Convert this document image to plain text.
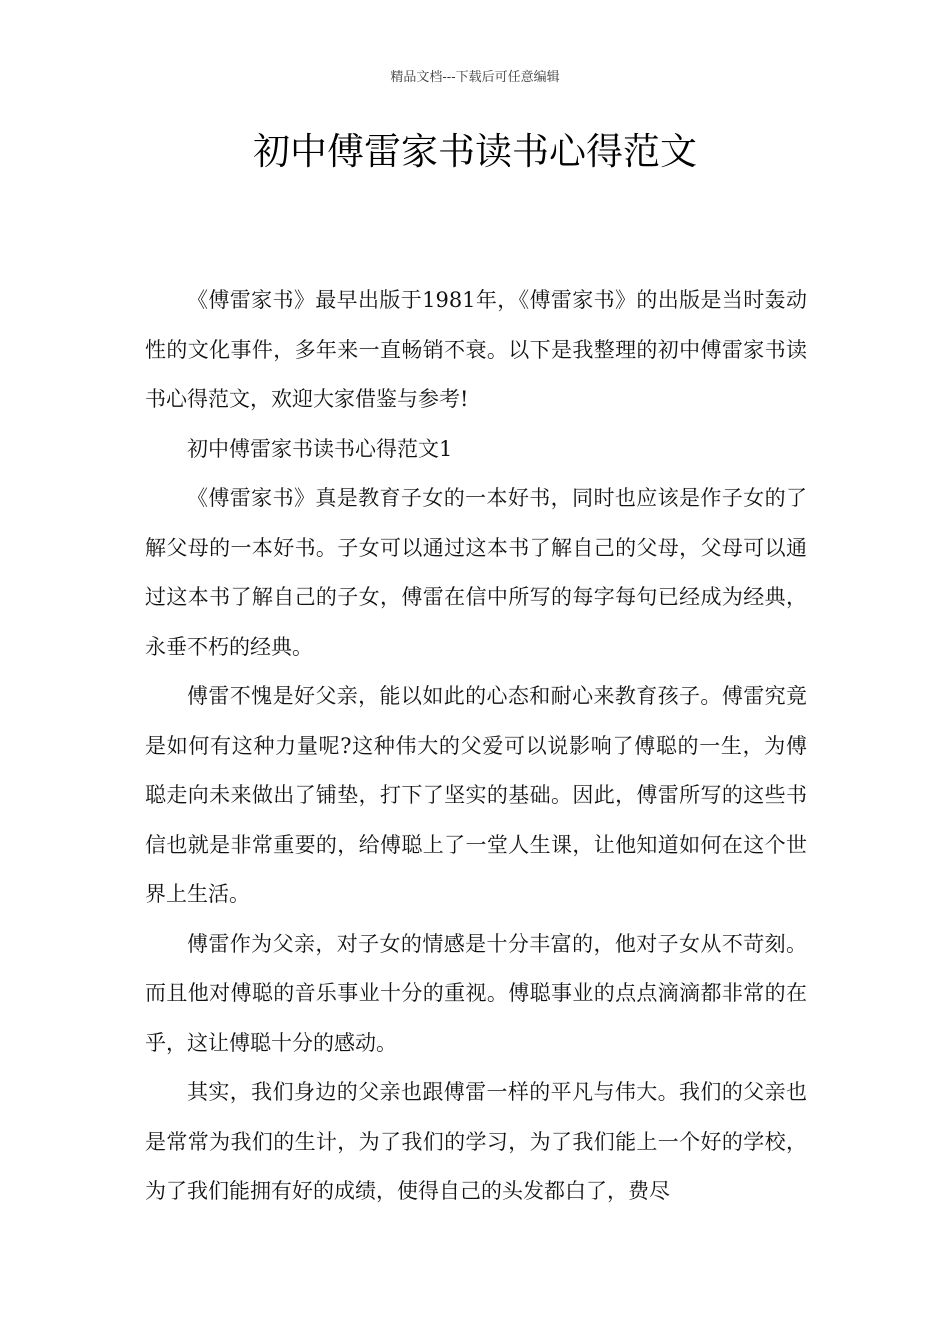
精品文档---下载后可任意编辑
初中傅雷家书读书心得范文

《傅雷家书》最早出版于1981年，《傅雷家书》的出版是当时轰动性的文化事件，多年来一直畅销不衰。以下是我整理的初中傅雷家书读书心得范文，欢迎大家借鉴与参考!

初中傅雷家书读书心得范文1

《傅雷家书》真是教育子女的一本好书，同时也应该是作子女的了解父母的一本好书。子女可以通过这本书了解自己的父母，父母可以通过这本书了解自己的子女，傅雷在信中所写的每字每句已经成为经典，永垂不朽的经典。

傅雷不愧是好父亲，能以如此的心态和耐心来教育孩子。傅雷究竟是如何有这种力量呢?这种伟大的父爱可以说影响了傅聪的一生，为傅聪走向未来做出了铺垫，打下了坚实的基础。因此，傅雷所写的这些书信也就是非常重要的，给傅聪上了一堂人生课，让他知道如何在这个世界上生活。

傅雷作为父亲，对子女的情感是十分丰富的，他对子女从不苛刻。而且他对傅聪的音乐事业十分的重视。傅聪事业的点点滴滴都非常的在乎，这让傅聪十分的感动。

其实，我们身边的父亲也跟傅雷一样的平凡与伟大。我们的父亲也是常常为我们的生计，为了我们的学习，为了我们能上一个好的学校，为了我们能拥有好的成绩，使得自己的头发都白了，费尽
